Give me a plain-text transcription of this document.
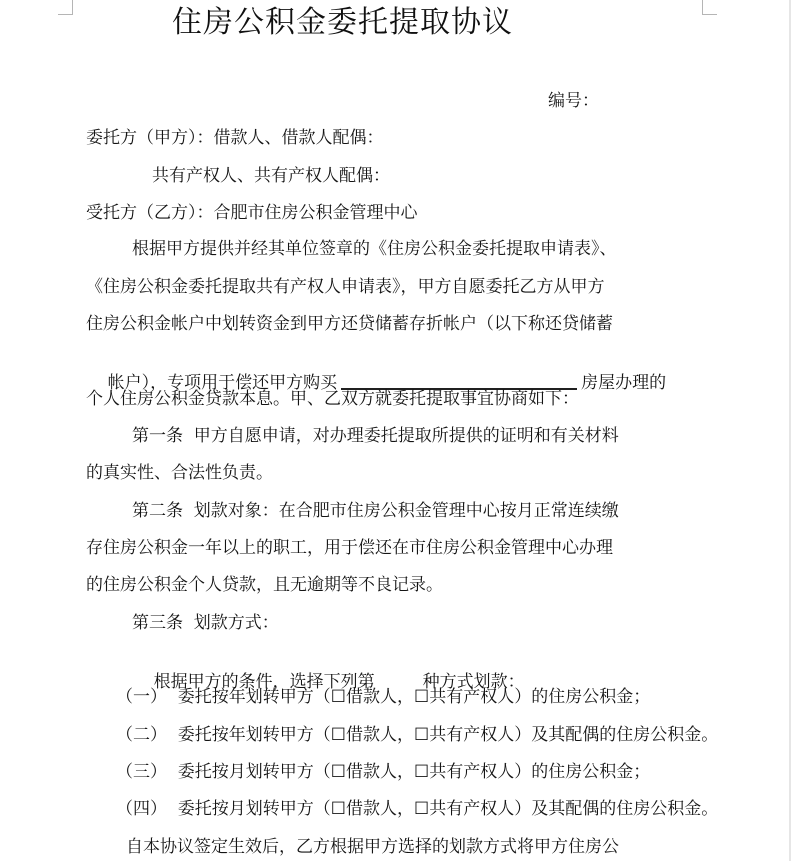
住房公积金委托提取协议
编号：
委托方（甲方）：借款人、借款人配偶：
共有产权人、共有产权人配偶：
受托方（乙方）：合肥市住房公积金管理中心
根据甲方提供并经其单位签章的《住房公积金委托提取申请表》、
《住房公积金委托提取共有产权人申请表》，甲方自愿委托乙方从甲方
住房公积金帐户中划转资金到甲方还贷储蓄存折帐户（以下称还贷储蓄

帐户），专项用于偿还甲方购买	房屋办理的

个人住房公积金贷款本息。甲、乙双方就委托提取事宜协商如下：
第一条  甲方自愿申请，对办理委托提取所提供的证明和有关材料
的真实性、合法性负责。
第二条  划款对象：在合肥市住房公积金管理中心按月正常连续缴
存住房公积金一年以上的职工，用于偿还在市住房公积金管理中心办理
的住房公积金个人贷款，且无逾期等不良记录。
第三条  划款方式：

根据甲方的条件，选择下列第	种方式划款：

（一）  委托按年划转甲方（☐借款人，☐共有产权人）的住房公积金；
（二）  委托按年划转甲方（☐借款人，☐共有产权人）及其配偶的住房公积金。
（三）  委托按月划转甲方（☐借款人，☐共有产权人）的住房公积金；
（四）  委托按月划转甲方（☐借款人，☐共有产权人）及其配偶的住房公积金。
自本协议签定生效后，乙方根据甲方选择的划款方式将甲方住房公
